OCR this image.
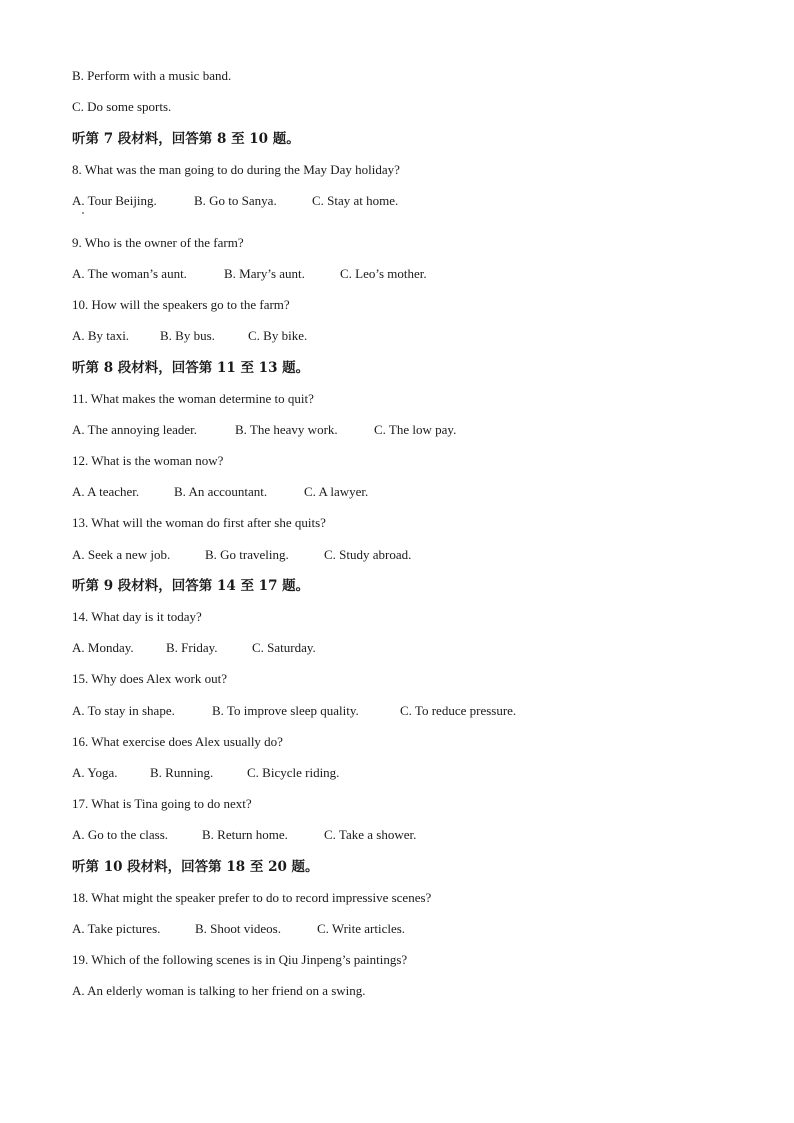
B. Perform with a music band.
C. Do some sports.
听第 7 段材料，回答第 8 至 10 题。
8. What was the man going to do during the May Day holiday?
A. Tour Beijing.	B. Go to Sanya.	C. Stay at home.
9. Who is the owner of the farm?
A. The woman’s aunt.	B. Mary’s aunt.	C. Leo’s mother.
10. How will the speakers go to the farm?
A. By taxi. B. By bus.	C. By bike.
听第 8 段材料，回答第 11 至 13 题。
11. What makes the woman determine to quit?
A. The annoying leader.	B. The heavy work.	C. The low pay.
12. What is the woman now?
A. A teacher.	B. An accountant.	C. A lawyer.
13. What will the woman do first after she quits?
A. Seek a new job.	B. Go traveling.	C. Study abroad.
听第 9 段材料，回答第 14 至 17 题。
14. What day is it today?
A. Monday. B. Friday.	C. Saturday.
15. Why does Alex work out?
A. To stay in shape.	B. To improve sleep quality.	C. To reduce pressure.
16. What exercise does Alex usually do?
A. Yoga. B. Running.	C. Bicycle riding.
17. What is Tina going to do next?
A. Go to the class.	B. Return home.	C. Take a shower.
听第 10 段材料，回答第 18 至 20 题。
18. What might the speaker prefer to do to record impressive scenes?
A. Take pictures.	B. Shoot videos.	C. Write articles.
19. Which of the following scenes is in Qiu Jinpeng’s paintings?
A. An elderly woman is talking to her friend on a swing.
